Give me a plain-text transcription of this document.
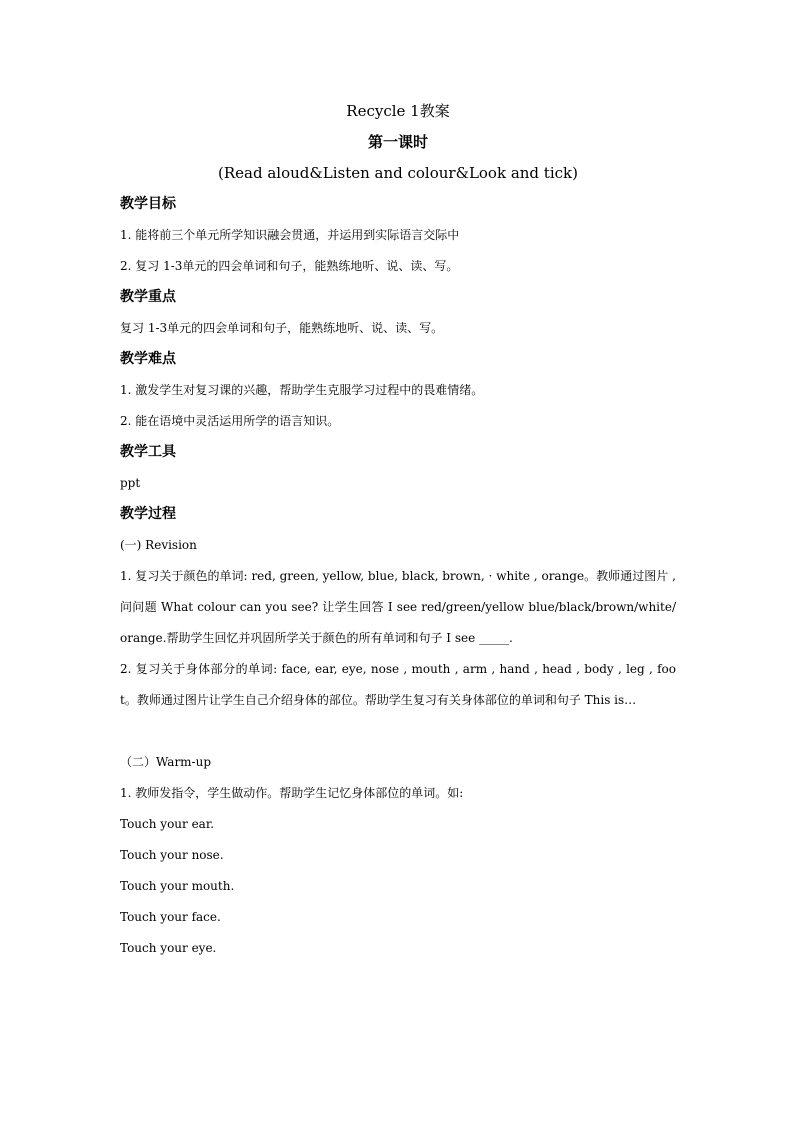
Recycle 1教案
第一课时
(Read aloud&Listen and colour&Look and tick)
教学目标
1. 能将前三个单元所学知识融会贯通，并运用到实际语言交际中
2. 复习 1-3单元的四会单词和句子，能熟练地听、说、读、写。
教学重点
复习 1-3单元的四会单词和句子，能熟练地听、说、读、写。
教学难点
1. 激发学生对复习课的兴趣，帮助学生克服学习过程中的畏难情绪。
2. 能在语境中灵活运用所学的语言知识。
教学工具
ppt
教学过程
(一) Revision
1. 复习关于颜色的单词: red, green, yellow, blue, black, brown, · white , orange。教师通过图片 , 问问题 What colour can you see? 让学生回答 I see red/green/yellow blue/black/brown/white/orange.帮助学生回忆并巩固所学关于颜色的所有单词和句子 I see _____.
2. 复习关于身体部分的单词: face, ear, eye, nose , mouth , arm , hand , head , body , leg , foot。教师通过图片让学生自己介绍身体的部位。帮助学生复习有关身体部位的单词和句子 This is…
（二）Warm-up
1. 教师发指令，学生做动作。帮助学生记忆身体部位的单词。如:
Touch your ear.
Touch your nose.
Touch your mouth.
Touch your face.
Touch your eye.
